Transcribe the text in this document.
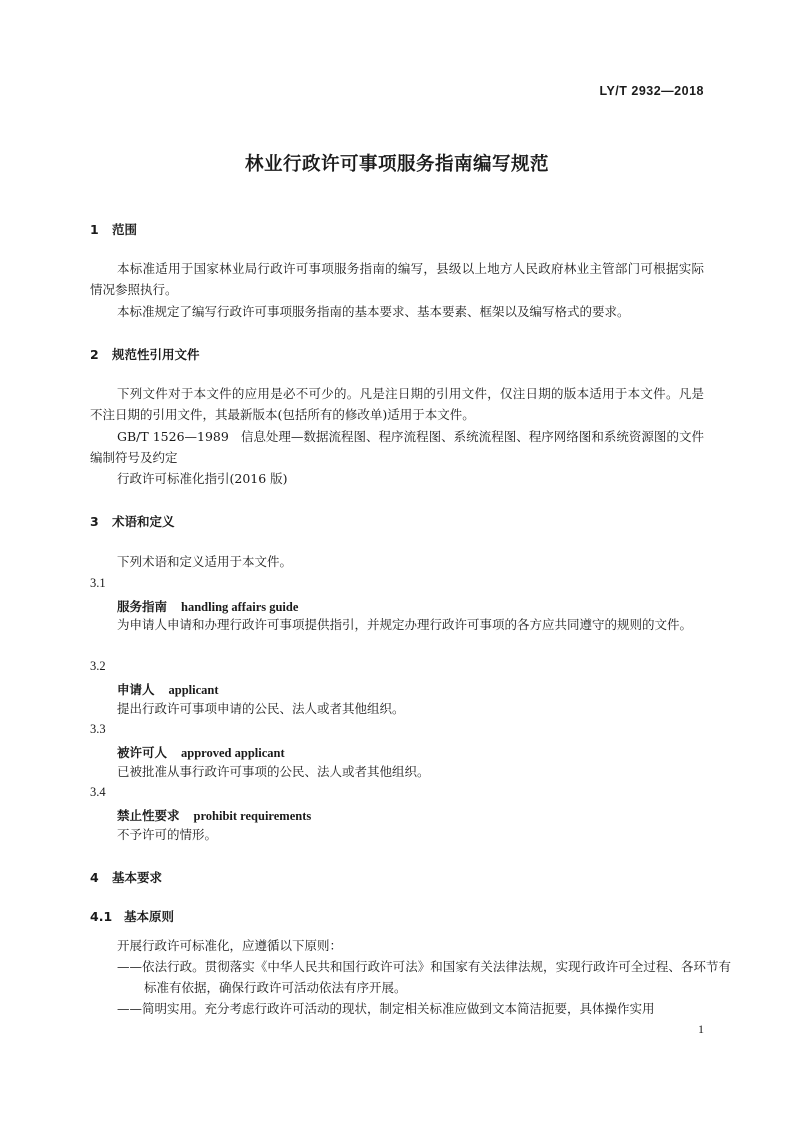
LY/T 2932—2018
林业行政许可事项服务指南编写规范
1 范围

本标准适用于国家林业局行政许可事项服务指南的编写，县级以上地方人民政府林业主管部门可根据实际情况参照执行。

本标准规定了编写行政许可事项服务指南的基本要求、基本要素、框架以及编写格式的要求。

2 规范性引用文件

下列文件对于本文件的应用是必不可少的。凡是注日期的引用文件，仅注日期的版本适用于本文件。凡是不注日期的引用文件，其最新版本(包括所有的修改单)适用于本文件。

GB/T 1526—1989 信息处理—数据流程图、程序流程图、系统流程图、程序网络图和系统资源图的文件编制符号及约定

行政许可标准化指引(2016 版)

3 术语和定义

下列术语和定义适用于本文件。

3.1
服务指南 handling affairs guide

为申请人申请和办理行政许可事项提供指引，并规定办理行政许可事项的各方应共同遵守的规则的文件。

3.2
申请人 applicant

提出行政许可事项申请的公民、法人或者其他组织。

3.3
被许可人 approved applicant

已被批准从事行政许可事项的公民、法人或者其他组织。

3.4
禁止性要求 prohibit requirements

不予许可的情形。

4 基本要求
4.1 基本原则

开展行政许可标准化，应遵循以下原则：

——依法行政。贯彻落实《中华人民共和国行政许可法》和国家有关法律法规，实现行政许可全过程、各环节有标准有依据，确保行政许可活动依法有序开展。

——简明实用。充分考虑行政许可活动的现状，制定相关标准应做到文本简洁扼要，具体操作实用

1
